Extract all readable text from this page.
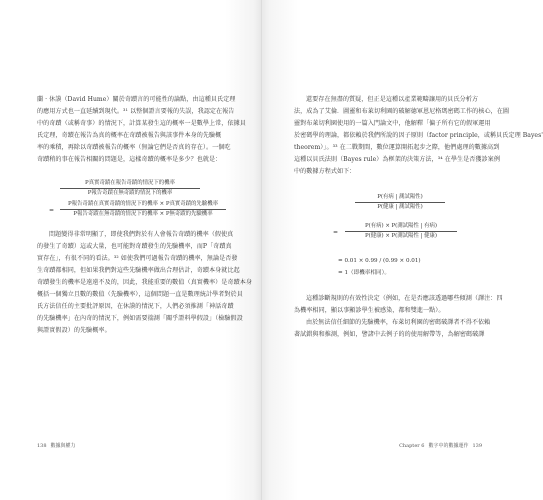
蘭 · 休謨（David Hume）關於奇蹟言的可能性的論點，由這種貝氏定理
的應用方式也一直延續到現代。³¹ 以整個證言要報的失誤，我認定在報告
中的奇蹟（或稱奇事）的情況下，計算某發生這的概率一是數學上常，依據貝
氏定理，奇蹟在報告為真的概率在奇蹟被報告與該事件本身的先驗概
率的乘積，再除以奇蹟被報告的概率（無論它們是否真的存在）。一個吃
奇蹟稍的事在報告相關的問題是，這樣奇蹟的概率是多少？也就是：
P真實奇蹟在報告奇蹟的情況下的機率
P報告奇蹟在無奇蹟的情況下的機率
=
P報告奇蹟在真實奇蹟的情況下的機率 × P真實奇蹟的先驗機率
P報告奇蹟在無奇蹟的情況下的機率 × P無奇蹟的先驗機率
問題變得非常明顯了，即使我們對於有人會報告奇蹟的機率（假使真
的發生了奇蹟）這或大量，也可能對奇蹟發生的先驗機率，而P「奇蹟真
實存在」，有很不同的看法。³² 如使我們可過報告奇蹟的機率，無論是否發
生奇蹟都相同，但如果我們對這些先驗機率做出合理估計，奇蹟本身就比起
奇蹟發生的機率是遠遠不及的，因此，我能重要的數值（真實機率）是奇蹟本身
概括一個獨立且數的數值（先驗機率），這個問題一直是數理統計學者對於貝
氏方法信任的主要批評原因，在休謨的情況下，人們必須推測「神話奇蹟
的先驗機率」在內奇的情況下，例如需要揣測「關乎證料學假設」（檢驗假設
與證實假設）的先驗概率。
138 數據與權力
還要存在無盡的質疑，但正是這種以產業範疇讓用的貝氏分析方
法，成為了艾倫．圖靈和布萊切利園的破解德軍恩尼格瑪密碼工作的核心，在圖
靈對布萊切利園使用的一篇入門論文中，他解釋「偏子所有它的假軍運用
於密碼學的理論，都依賴於我們所說的因子原則（factor principle，或稱貝氏定理 Bayes'
theorem）」。³³ 在二戰期間，數位運算開拓起步之際，他們處理的數據高到
這種以貝氏法則（Bayes rule）為框架的決策方法，³⁴ 在學生是否獲診案例
中的數據方程式如下：
P(有病 | 測試陽性)
P(健康 | 測試陽性)
=
P(有病) × P(測試陽性 | 有病)
P(健康) × P(測試陽性 | 健康)
= 0.01 × 0.99 / (0.99 × 0.01)
= 1（即機率相同）。
這種診斷規則的有效性決定（例如，在是否應該透過哪些傾測（譯注：四
為機率相同，顯以事顯診學生被感染，都和雙進一點）。
由於無法信任細節的先驗機率，布萊切利園的密碼破譯者不得不依賴
著試錯與和推測，例如，譬諸中去例子的的使用解帶等，為解密碼破譯
Chapter 6 數字中的數據運作 139
